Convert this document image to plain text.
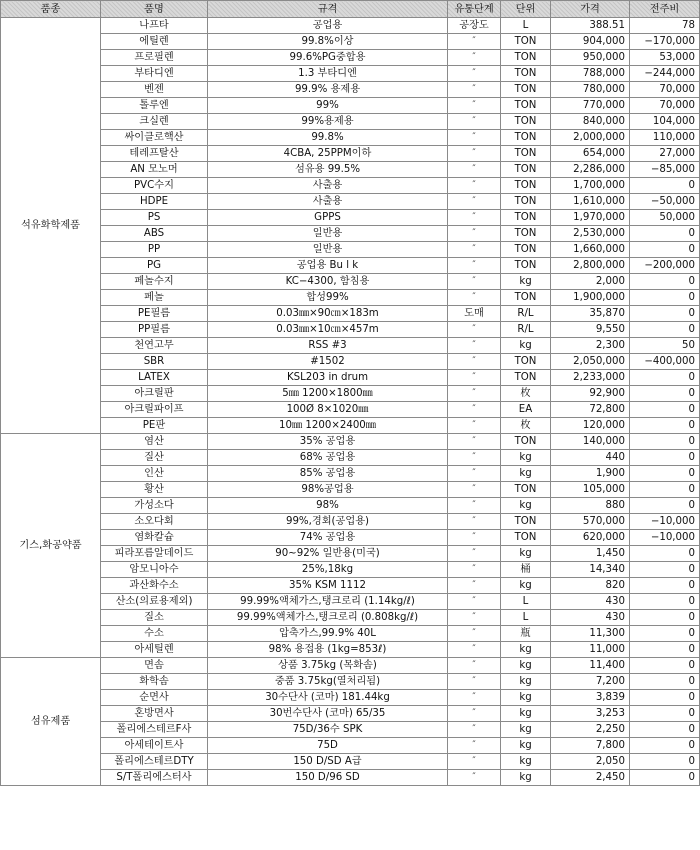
품종	품명	규격	유통단계	단위	가격	전주비
석유화학제품	나프타	공업용	공장도	L	388.51	78
	에틸렌	99.8%이상	″	TON	904,000	−170,000
	프로필렌	99.6%PG중합용	″	TON	950,000	53,000
	부타디엔	1.3 부타디엔	″	TON	788,000	−244,000
	벤젠	99.9% 용제용	″	TON	780,000	70,000
	톨루엔	99%	″	TON	770,000	70,000
	크실렌	99%용제용	″	TON	840,000	104,000
	싸이클로핵산	99.8%	″	TON	2,000,000	110,000
	테레프탈산	4CBA, 25PPM이하	″	TON	654,000	27,000
	AN 모노머	섬유용 99.5%	″	TON	2,286,000	−85,000
	PVC수지	사출용	″	TON	1,700,000	0
	HDPE	사출용	″	TON	1,610,000	−50,000
	PS	GPPS	″	TON	1,970,000	50,000
	ABS	일반용	″	TON	2,530,000	0
	PP	일반용	″	TON	1,660,000	0
	PG	공업용 Bu l k	″	TON	2,800,000	−200,000
	페놀수지	KC−4300, 함침용	″	kg	2,000	0
	페놀	합성99%	″	TON	1,900,000	0
	PE필름	0.03㎜×90㎝×183m	도매	R/L	35,870	0
	PP필름	0.03㎜×10㎝×457m	″	R/L	9,550	0
	천연고무	RSS #3	″	kg	2,300	50
	SBR	#1502	″	TON	2,050,000	−400,000
	LATEX	KSL203 in drum	″	TON	2,233,000	0
	아크릴판	5㎜ 1200×1800㎜	″	枚	92,900	0
	아크릴파이프	100Ø 8×1020㎜	″	EA	72,800	0
	PE판	10㎜ 1200×2400㎜	″	枚	120,000	0
기스,화공약품	염산	35% 공업용	″	TON	140,000	0
	질산	68% 공업용	″	kg	440	0
	인산	85% 공업용	″	kg	1,900	0
	황산	98%공업용	″	TON	105,000	0
	가성소다	98%	″	kg	880	0
	소오다회	99%,경회(공업용)	″	TON	570,000	−10,000
	염화칼슘	74% 공업용	″	TON	620,000	−10,000
	피라포름알데이드	90~92% 일반용(미국)	″	kg	1,450	0
	암모니아수	25%,18kg	″	桶	14,340	0
	과산화수소	35% KSM 1112	″	kg	820	0
	산소(의료용제외)	99.99%액체가스,탱크로리 (1.14kg/ℓ)	″	L	430	0
	질소	99.99%액체가스,탱크로리 (0.808kg/ℓ)	″	L	430	0
	수소	압축가스,99.9% 40L	″	瓶	11,300	0
	아세틸렌	98% 용접용 (1kg=853ℓ)	″	kg	11,000	0
섬유제품	면솜	상품 3.75kg (목화솜)	″	kg	11,400	0
	화학솜	중품 3.75kg(열처리됨)	″	kg	7,200	0
	순면사	30수단사 (코마) 181.44kg	″	kg	3,839	0
	혼방면사	30번수단사 (코마) 65/35	″	kg	3,253	0
	폴리에스테르F사	75D/36수 SPK	″	kg	2,250	0
	아세테이트사	75D	″	kg	7,800	0
	폴리에스테르DTY	150 D/SD A급	″	kg	2,050	0
	S/T폴리에스터사	150 D/96 SD	″	kg	2,450	0
